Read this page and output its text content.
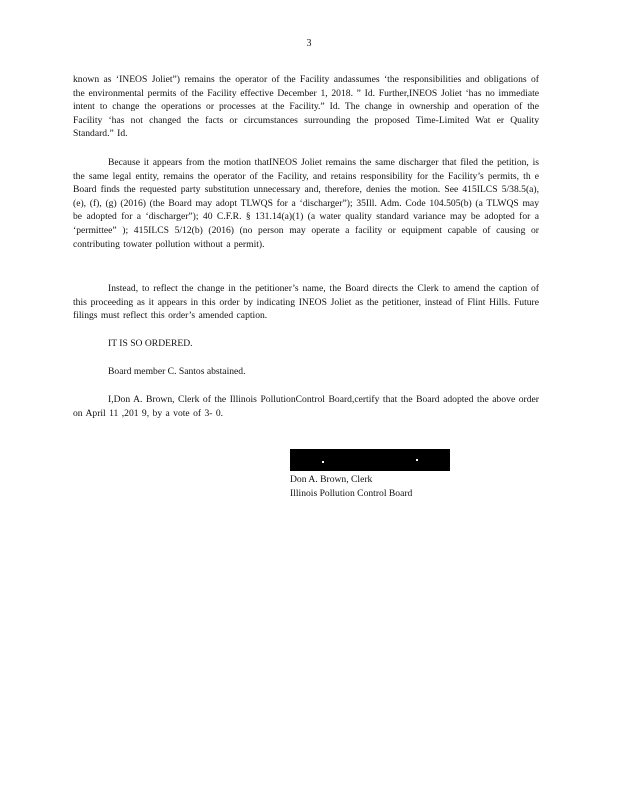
3
known as ‘INEOS Joliet”) remains the operator of the Facility andassumes ‘the responsibilities and obligations of the environmental permits of the Facility effective December 1, 2018. ” Id. Further,INEOS Joliet ‘has no immediate intent to change the operations or processes at the Facility.” Id. The change in ownership and operation of the Facility ‘has not changed the facts or circumstances surrounding the proposed Time-Limited Wat er Quality Standard.” Id.
Because it appears from the motion thatINEOS Joliet remains the same discharger that filed the petition, is the same legal entity, remains the operator of the Facility, and retains responsibility for the Facility’s permits, th e Board finds the requested party substitution unnecessary and, therefore, denies the motion. See 415ILCS 5/38.5(a), (e), (f), (g) (2016) (the Board may adopt TLWQS for a ‘discharger”); 35Ill. Adm. Code 104.505(b) (a TLWQS may be adopted for a ‘discharger”); 40 C.F.R. § 131.14(a)(1) (a water quality standard variance may be adopted for a ‘permittee” ); 415ILCS 5/12(b) (2016) (no person may operate a facility or equipment capable of causing or contributing towater pollution without a permit).
Instead, to reflect the change in the petitioner’s name, the Board directs the Clerk to amend the caption of this proceeding as it appears in this order by indicating INEOS Joliet as the petitioner, instead of Flint Hills. Future filings must reflect this order’s amended caption.
IT IS SO ORDERED.
Board member C. Santos abstained.
I,Don A. Brown, Clerk of the Illinois PollutionControl Board,certify that the Board adopted the above order on April 11 ,201 9, by a vote of 3- 0.
Don A. Brown, Clerk
Illinois Pollution Control Board
